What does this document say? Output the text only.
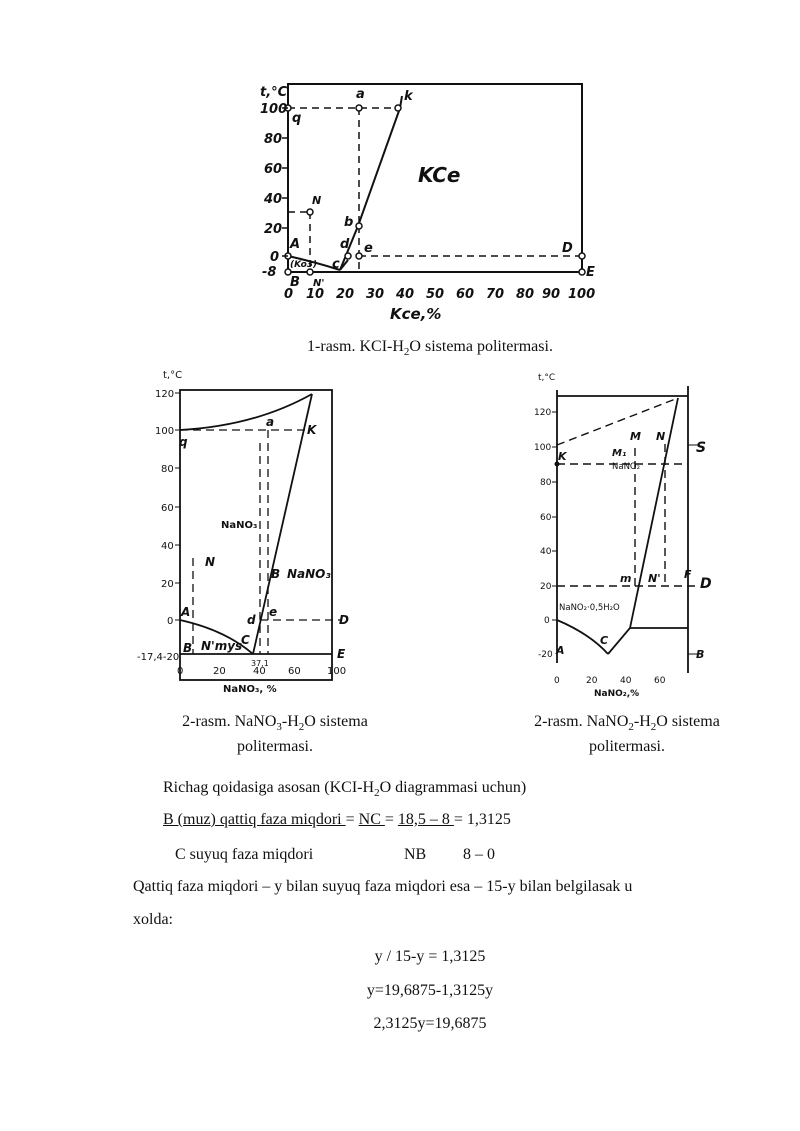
t,°C
100
80
60
40
20
0
-8
0 10 20 30 40 50 60 70 80 90 100
Kce,%
a	k
q
N
A
b
d e
c
D
B
E
N'
(Ko3)
KCe
1-rasm. KCI-$H_2O$ sistema politermasi.
t,°C
120
100
80
60
40
20
0
-17,4​-20
0	20	40 60	100
NaNO₃, %
37,1
NaNO₃
q
a
K
N
B NaNO₃
A
d
e
D
B N'mys
C
E
2-rasm. $NaNO_3-H_2O$ sistema
politermasi.
t,°C
120
100
80
60
40
20
0
-20
0	20	40	60
NaNO₂,%
NaNO₂
NaNO₂·0,5H₂O
K
M
M₁
N
S
m N' F
D
C
A	B
2-rasm. $NaNO_2-H_2O$ sistema
politermasi.
Richag qoidasiga asosan ($KCI-H_2O$ diagrammasi uchun)
B (muz) qattiq faza miqdori = NC = 18,5 – 8 = 1,3125
C suyuq faza miqdori	NB 8 – 0
Qattiq faza miqdori – y bilan suyuq faza miqdori esa – 15-y bilan belgilasak u
xolda:
y / 15-y = 1,3125
y=19,6875-1,3125y
2,3125y=19,6875
